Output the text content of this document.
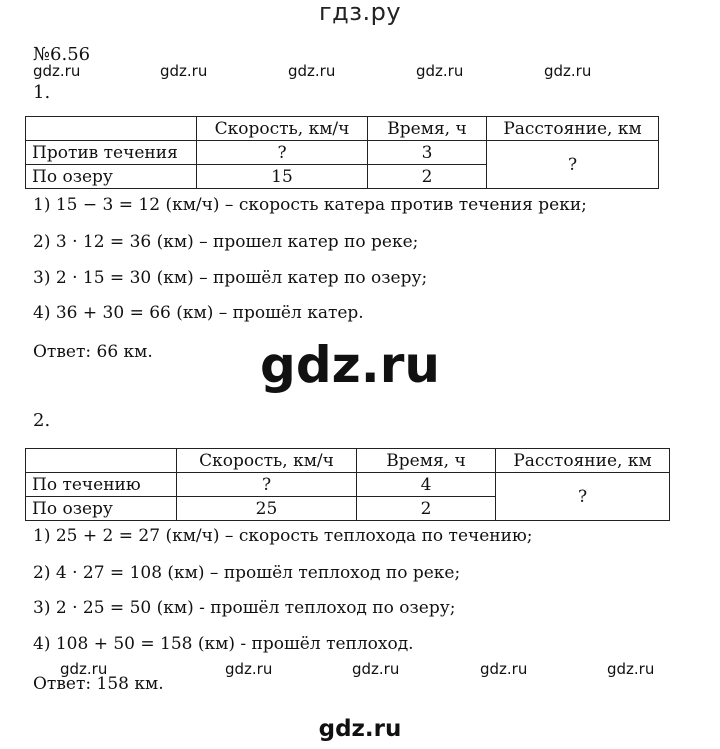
гдз.ру
№6.56
gdz.ru	gdz.ru	gdz.ru	gdz.ru	gdz.ru
1.
	Скорость, км/ч	Время, ч	Расстояние, км
Против течения	?	3	?
По озеру	15	2	
1) 15 − 3 = 12 (км/ч) – скорость катера против течения реки;
2) 3 · 12 = 36 (км) – прошел катер по реке;
3) 2 · 15 = 30 (км) – прошёл катер по озеру;
4) 36 + 30 = 66 (км) – прошёл катер.
Ответ: 66 км.	gdz.ru
2.
	Скорость, км/ч	Время, ч	Расстояние, км
По течению	?	4	?
По озеру	25	2	
1) 25 + 2 = 27 (км/ч) – скорость теплохода по течению;
2) 4 · 27 = 108 (км) – прошёл теплоход по реке;
3) 2 · 25 = 50 (км) - прошёл теплоход по озеру;
4) 108 + 50 = 158 (км) - прошёл теплоход.
gdz.ru	gdz.ru	gdz.ru	gdz.ru	gdz.ru
Ответ: 158 км.
gdz.ru
